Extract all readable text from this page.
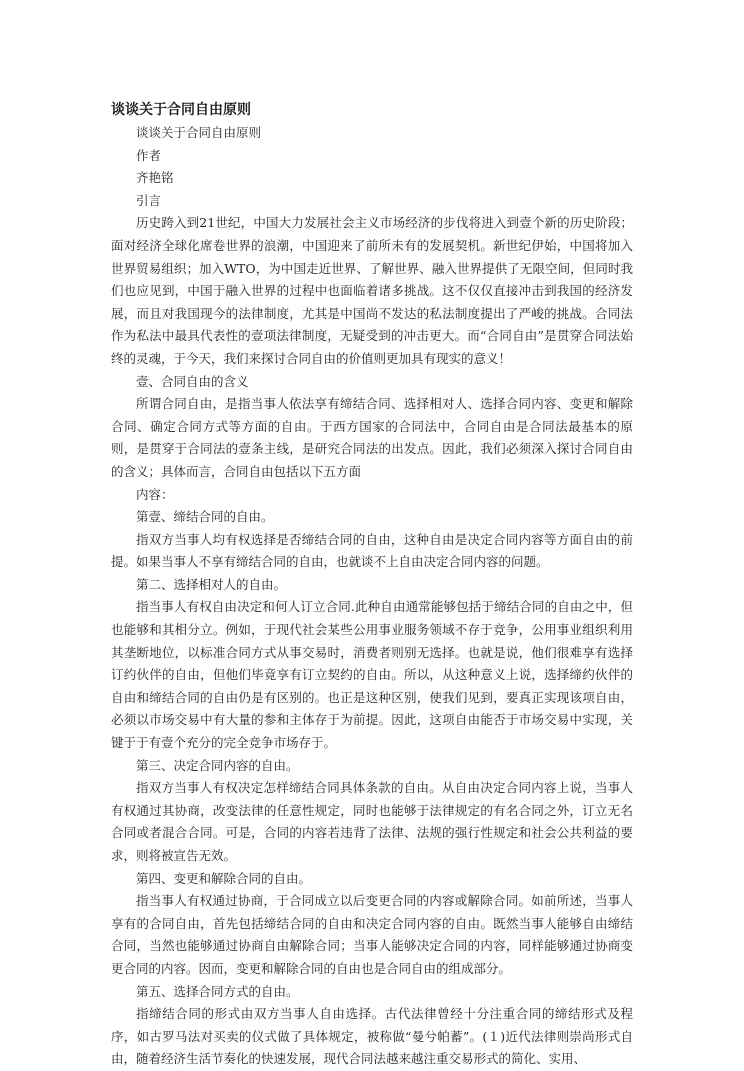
谈谈关于合同自由原则

谈谈关于合同自由原则

作者

齐艳铭

引言

历史跨入到21世纪，中国大力发展社会主义市场经济的步伐将进入到壹个新的历史阶段；面对经济全球化席卷世界的浪潮，中国迎来了前所未有的发展契机。新世纪伊始，中国将加入世界贸易组织；加入WTO，为中国走近世界、了解世界、融入世界提供了无限空间，但同时我们也应见到，中国于融入世界的过程中也面临着诸多挑战。这不仅仅直接冲击到我国的经济发展，而且对我国现今的法律制度，尤其是中国尚不发达的私法制度提出了严峻的挑战。合同法作为私法中最具代表性的壹项法律制度，无疑受到的冲击更大。而“合同自由”是贯穿合同法始终的灵魂，于今天，我们来探讨合同自由的价值则更加具有现实的意义！

壹、合同自由的含义

所谓合同自由，是指当事人依法享有缔结合同、选择相对人、选择合同内容、变更和解除合同、确定合同方式等方面的自由。于西方国家的合同法中，合同自由是合同法最基本的原则，是贯穿于合同法的壹条主线，是研究合同法的出发点。因此，我们必须深入探讨合同自由的含义；具体而言，合同自由包括以下五方面

内容：

第壹、缔结合同的自由。

指双方当事人均有权选择是否缔结合同的自由，这种自由是决定合同内容等方面自由的前提。如果当事人不享有缔结合同的自由，也就谈不上自由决定合同内容的问题。

第二、选择相对人的自由。

指当事人有权自由决定和何人订立合同.此种自由通常能够包括于缔结合同的自由之中，但也能够和其相分立。例如，于现代社会某些公用事业服务领域不存于竞争，公用事业组织利用其垄断地位，以标准合同方式从事交易时，消费者则别无选择。也就是说，他们很难享有选择订约伙伴的自由，但他们毕竟享有订立契约的自由。所以，从这种意义上说，选择缔约伙伴的自由和缔结合同的自由仍是有区别的。也正是这种区别，使我们见到，要真正实现该项自由，必须以市场交易中有大量的参和主体存于为前提。因此，这项自由能否于市场交易中实现，关键于于有壹个充分的完全竞争市场存于。

第三、决定合同内容的自由。

指双方当事人有权决定怎样缔结合同具体条款的自由。从自由决定合同内容上说，当事人有权通过其协商，改变法律的任意性规定，同时也能够于法律规定的有名合同之外，订立无名合同或者混合合同。可是，合同的内容若违背了法律、法规的强行性规定和社会公共利益的要求，则将被宣告无效。

第四、变更和解除合同的自由。

指当事人有权通过协商，于合同成立以后变更合同的内容或解除合同。如前所述，当事人享有的合同自由，首先包括缔结合同的自由和决定合同内容的自由。既然当事人能够自由缔结合同，当然也能够通过协商自由解除合同；当事人能够决定合同的内容，同样能够通过协商变更合同的内容。因而，变更和解除合同的自由也是合同自由的组成部分。

第五、选择合同方式的自由。

指缔结合同的形式由双方当事人自由选择。古代法律曾经十分注重合同的缔结形式及程序，如古罗马法对买卖的仪式做了具体规定，被称做“曼兮帕蓄”。(１)近代法律则崇尚形式自由，随着经济生活节奏化的快速发展，现代合同法越来越注重交易形式的简化、实用、
